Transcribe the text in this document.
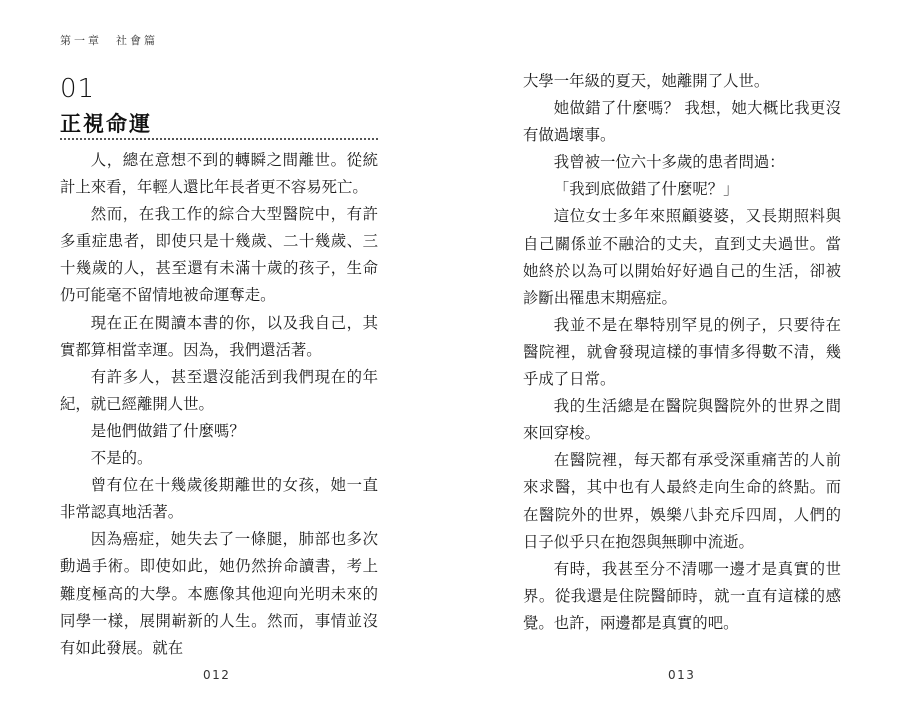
第一章　社會篇
01
正視命運

人，總在意想不到的轉瞬之間離世。從統計上來看，年輕人還比年長者更不容易死亡。

然而，在我工作的綜合大型醫院中，有許多重症患者，即使只是十幾歲、二十幾歲、三十幾歲的人，甚至還有未滿十歲的孩子，生命仍可能毫不留情地被命運奪走。

現在正在閱讀本書的你，以及我自己，其實都算相當幸運。因為，我們還活著。

有許多人，甚至還沒能活到我們現在的年紀，就已經離開人世。

是他們做錯了什麼嗎？

不是的。

曾有位在十幾歲後期離世的女孩，她一直非常認真地活著。

因為癌症，她失去了一條腿，肺部也多次動過手術。即使如此，她仍然拚命讀書，考上難度極高的大學。本應像其他迎向光明未來的同學一樣，展開嶄新的人生。然而，事情並沒有如此發展。就在

012

大學一年級的夏天，她離開了人世。

她做錯了什麼嗎？ 我想，她大概比我更沒有做過壞事。

我曾被一位六十多歲的患者問過：

「我到底做錯了什麼呢？」

這位女士多年來照顧婆婆，又長期照料與自己關係並不融洽的丈夫，直到丈夫過世。當她終於以為可以開始好好過自己的生活，卻被診斷出罹患末期癌症。

我並不是在舉特別罕見的例子，只要待在醫院裡，就會發現這樣的事情多得數不清，幾乎成了日常。

我的生活總是在醫院與醫院外的世界之間來回穿梭。

在醫院裡，每天都有承受深重痛苦的人前來求醫，其中也有人最終走向生命的終點。而在醫院外的世界，娛樂八卦充斥四周，人們的日子似乎只在抱怨與無聊中流逝。

有時，我甚至分不清哪一邊才是真實的世界。從我還是住院醫師時，就一直有這樣的感覺。也許，兩邊都是真實的吧。

013
